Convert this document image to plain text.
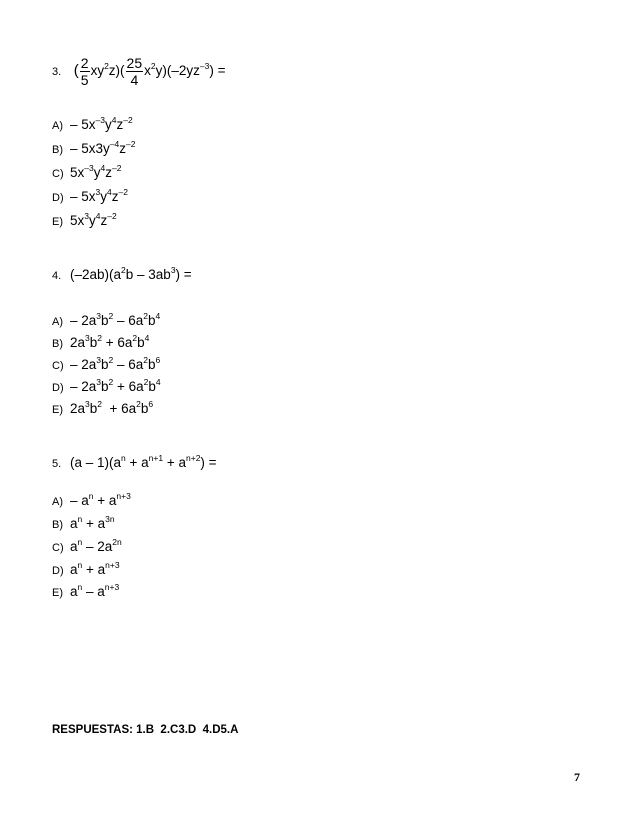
3. ( $\frac{2}{5} xy^2z)( \frac{25}{4} x^2y)(-2yz^{-3})$ =
$A) - 5x^{-3}y^4z^{-2}$
$B) - 5x3y^{-4}z^{-2}$
C) $5x^{-3}y^4z^{-2}$
$D) - 5x^3y^4z^{-2}$
E) $5x^3y^4z^{-2}$
4. $(-2ab)(a^2b - 3ab^3)$ =
$A) - 2a^3b^2 - 6a^2b^4$
B) $2a^3b^2 + 6a^2b^4$
$C) - 2a^3b^2 - 6a^2b^6$
$D) - 2a^3b^2 + 6a^2b^4$
E) $2a^3b^2 + 6a^2b^6$
5. $(a - 1)(a^n + a^{n+1} + a^{n+2})$ =
$A) - a^n + a^{n+3}$
B) $a^n + a^{3n}$
C) $a^n - 2a^{2n}$
D) $a^n + a^{n+3}$
E) $a^n - a^{n+3}$
RESPUESTAS: 1.B  2.C3.D  4.D5.A
7
